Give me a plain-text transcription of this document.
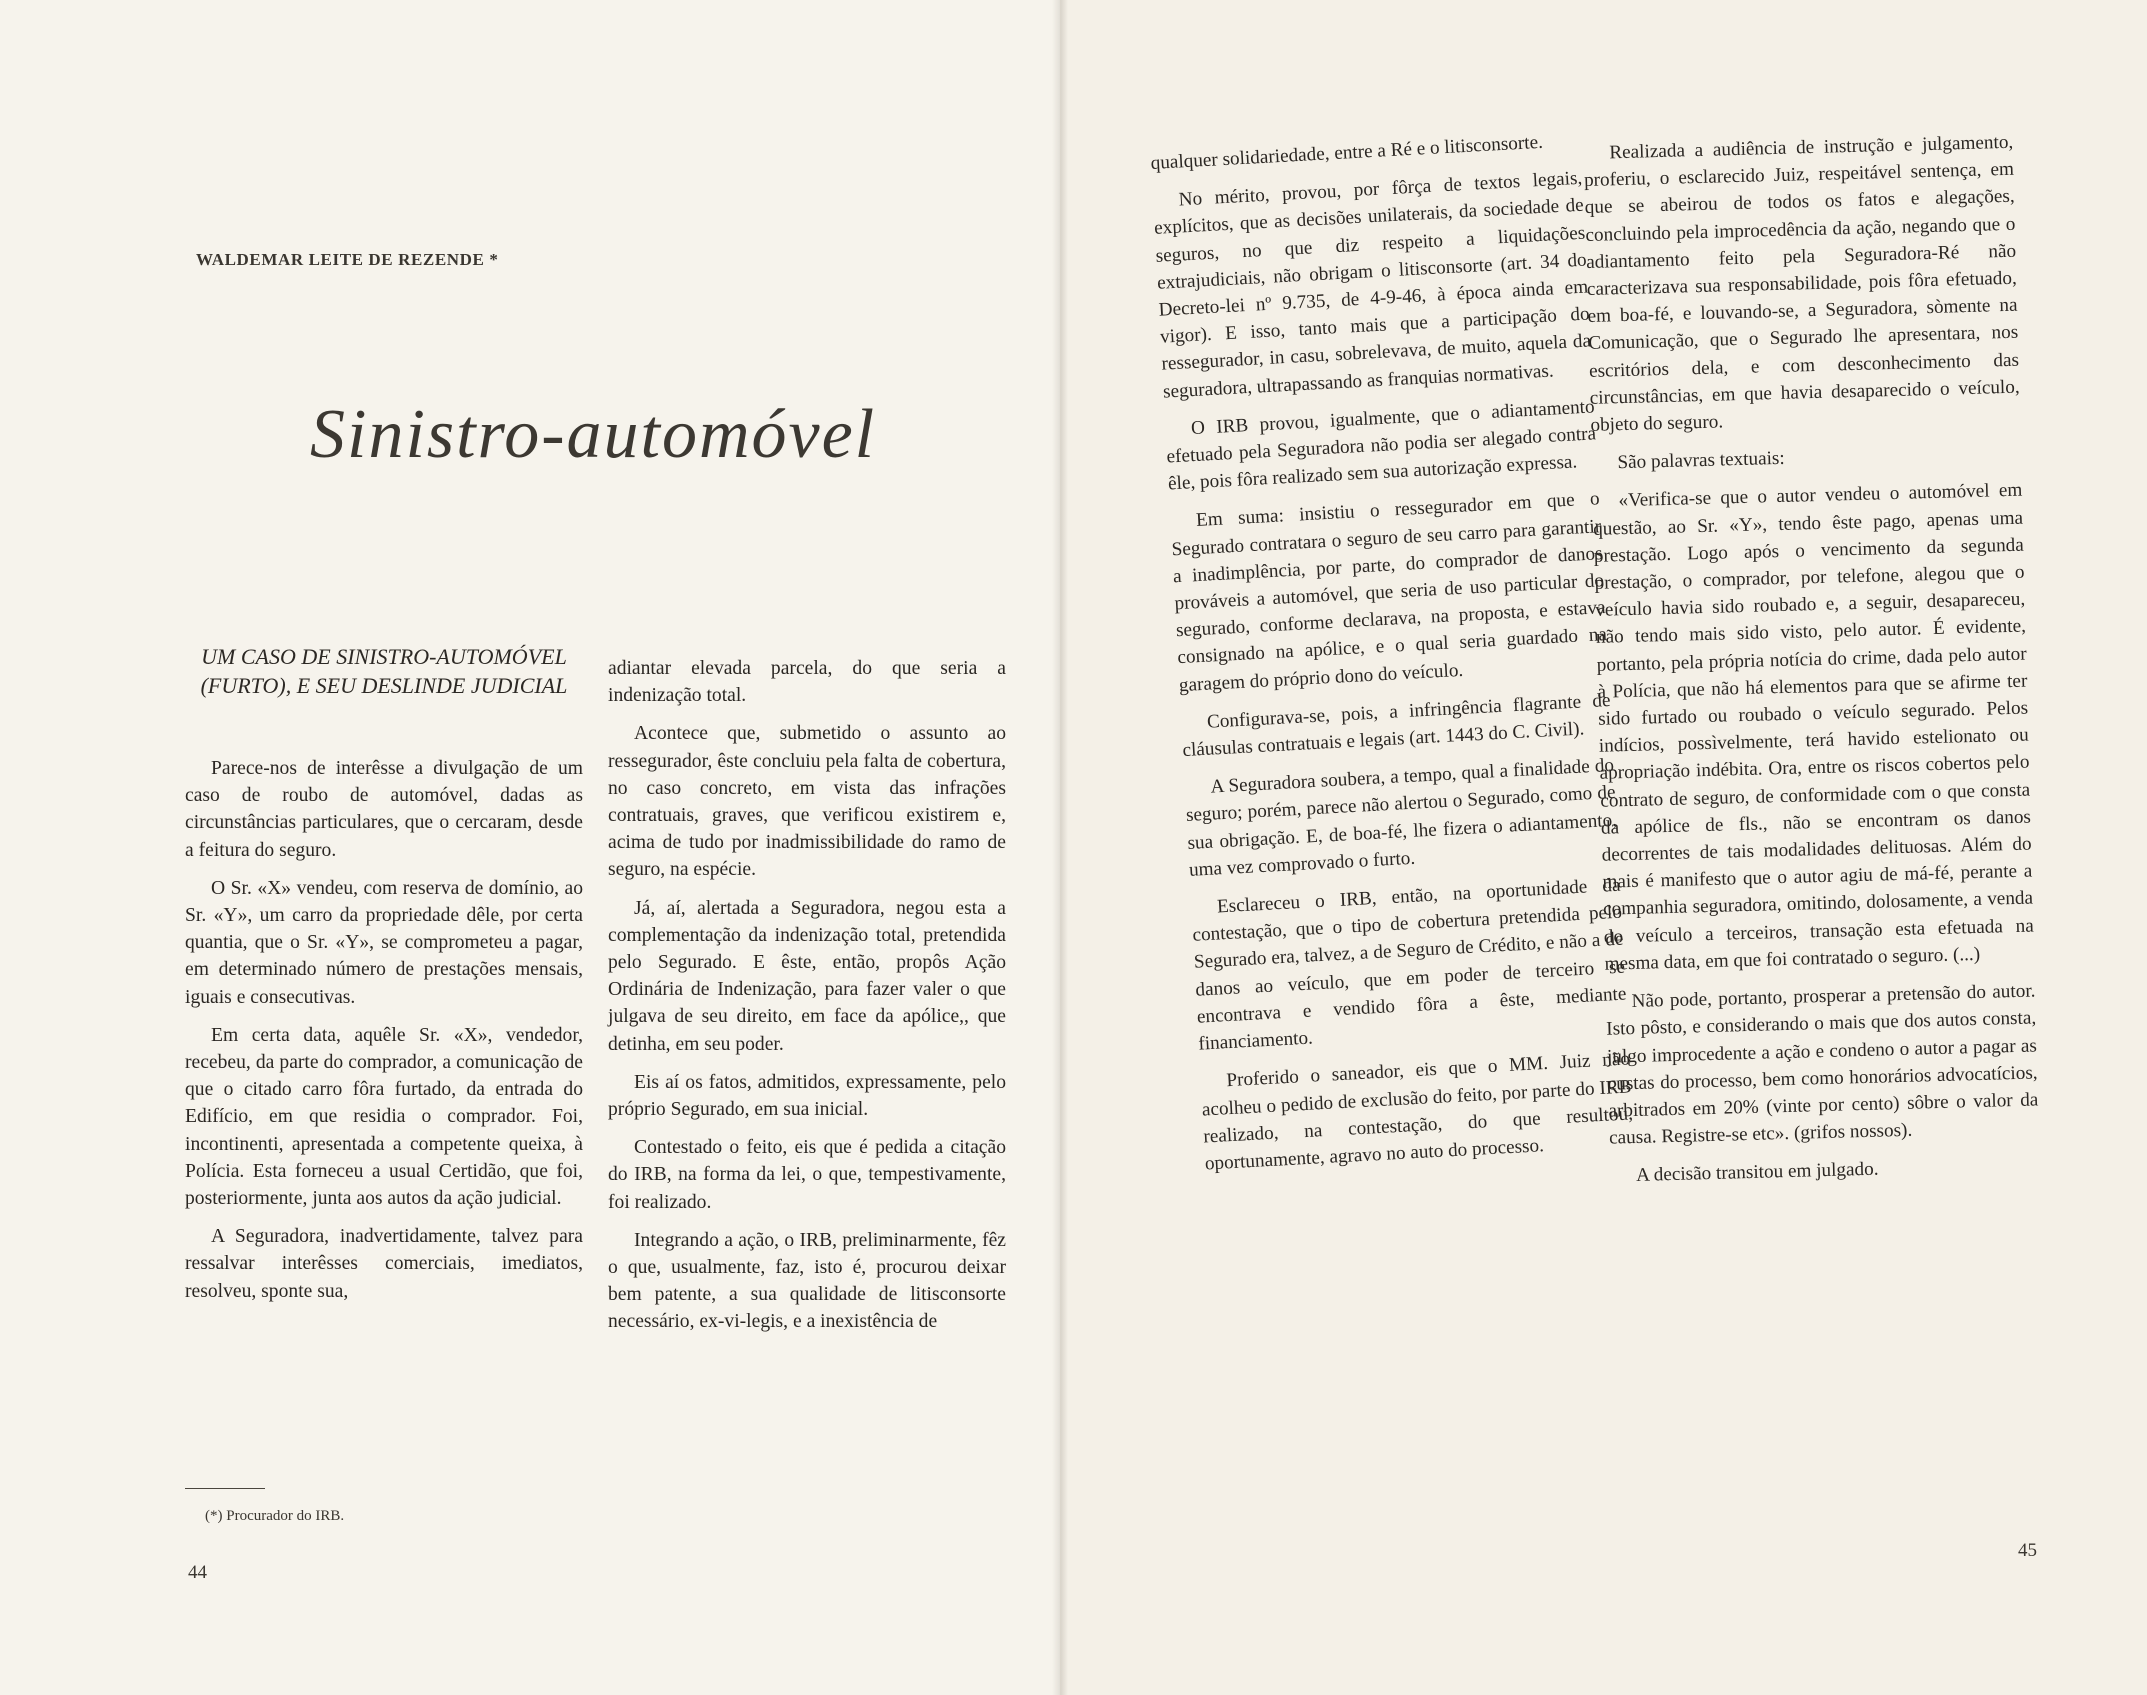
WALDEMAR LEITE DE REZENDE *
Sinistro-automóvel
UM CASO DE SINISTRO-AUTOMÓVEL (FURTO), E SEU DESLINDE JUDICIAL

Parece-nos de interêsse a divulgação de um caso de roubo de automóvel, dadas as circunstâncias particulares, que o cercaram, desde a feitura do seguro.

O Sr. «X» vendeu, com reserva de domínio, ao Sr. «Y», um carro da propriedade dêle, por certa quantia, que o Sr. «Y», se comprometeu a pagar, em determinado número de prestações mensais, iguais e consecutivas.

Em certa data, aquêle Sr. «X», vendedor, recebeu, da parte do comprador, a comunicação de que o citado carro fôra furtado, da entrada do Edifício, em que residia o comprador. Foi, incontinenti, apresentada a competente queixa, à Polícia. Esta forneceu a usual Certidão, que foi, posteriormente, junta aos autos da ação judicial.

A Seguradora, inadvertidamente, talvez para ressalvar interêsses comerciais, imediatos, resolveu, sponte sua,

adiantar elevada parcela, do que seria a indenização total.

Acontece que, submetido o assunto ao ressegurador, êste concluiu pela falta de cobertura, no caso concreto, em vista das infrações contratuais, graves, que verificou existirem e, acima de tudo por inadmissibilidade do ramo de seguro, na espécie.

Já, aí, alertada a Seguradora, negou esta a complementação da indenização total, pretendida pelo Segurado. E êste, então, propôs Ação Ordinária de Indenização, para fazer valer o que julgava de seu direito, em face da apólice,, que detinha, em seu poder.

Eis aí os fatos, admitidos, expressamente, pelo próprio Segurado, em sua inicial.

Contestado o feito, eis que é pedida a citação do IRB, na forma da lei, o que, tempestivamente, foi realizado.

Integrando a ação, o IRB, preliminarmente, fêz o que, usualmente, faz, isto é, procurou deixar bem patente, a sua qualidade de litisconsorte necessário, ex-vi-legis, e a inexistência de

(*) Procurador do IRB.
44

qualquer solidariedade, entre a Ré e o litisconsorte.

No mérito, provou, por fôrça de textos legais, explícitos, que as decisões unilaterais, da sociedade de seguros, no que diz respeito a liquidações extrajudiciais, não obrigam o litisconsorte (art. 34 do Decreto-lei nº 9.735, de 4-9-46, à época ainda em vigor). E isso, tanto mais que a participação do ressegurador, in casu, sobrelevava, de muito, aquela da seguradora, ultrapassando as franquias normativas.

O IRB provou, igualmente, que o adiantamento efetuado pela Seguradora não podia ser alegado contra êle, pois fôra realizado sem sua autorização expressa.

Em suma: insistiu o ressegurador em que o Segurado contratara o seguro de seu carro para garantir a inadimplência, por parte, do comprador de danos prováveis a automóvel, que seria de uso particular do segurado, conforme declarava, na proposta, e estava consignado na apólice, e o qual seria guardado na garagem do próprio dono do veículo.

Configurava-se, pois, a infringência flagrante de cláusulas contratuais e legais (art. 1443 do C. Civil).

A Seguradora soubera, a tempo, qual a finalidade do seguro; porém, parece não alertou o Segurado, como de sua obrigação. E, de boa-fé, lhe fizera o adiantamento, uma vez comprovado o furto.

Esclareceu o IRB, então, na oportunidade da contestação, que o tipo de cobertura pretendida pelo Segurado era, talvez, a de Seguro de Crédito, e não a de danos ao veículo, que em poder de terceiro se encontrava e vendido fôra a êste, mediante financiamento.

Proferido o saneador, eis que o MM. Juiz não acolheu o pedido de exclusão do feito, por parte do IRB realizado, na contestação, do que resultou, oportunamente, agravo no auto do processo.

Realizada a audiência de instrução e julgamento, proferiu, o esclarecido Juiz, respeitável sentença, em que se abeirou de todos os fatos e alegações, concluindo pela improcedência da ação, negando que o adiantamento feito pela Seguradora-Ré não caracterizava sua responsabilidade, pois fôra efetuado, em boa-fé, e louvando-se, a Seguradora, sòmente na Comunicação, que o Segurado lhe apresentara, nos escritórios dela, e com desconhecimento das circunstâncias, em que havia desaparecido o veículo, objeto do seguro.

São palavras textuais:

«Verifica-se que o autor vendeu o automóvel em questão, ao Sr. «Y», tendo êste pago, apenas uma prestação. Logo após o vencimento da segunda prestação, o comprador, por telefone, alegou que o veículo havia sido roubado e, a seguir, desapareceu, não tendo mais sido visto, pelo autor. É evidente, portanto, pela própria notícia do crime, dada pelo autor à Polícia, que não há elementos para que se afirme ter sido furtado ou roubado o veículo segurado. Pelos indícios, possìvelmente, terá havido estelionato ou apropriação indébita. Ora, entre os riscos cobertos pelo contrato de seguro, de conformidade com o que consta da apólice de fls., não se encontram os danos decorrentes de tais modalidades delituosas. Além do mais é manifesto que o autor agiu de má-fé, perante a companhia seguradora, omitindo, dolosamente, a venda do veículo a terceiros, transação esta efetuada na mesma data, em que foi contratado o seguro. (...)

Não pode, portanto, prosperar a pretensão do autor. Isto pôsto, e considerando o mais que dos autos consta, julgo improcedente a ação e condeno o autor a pagar as custas do processo, bem como honorários advocatícios, arbitrados em 20% (vinte por cento) sôbre o valor da causa. Registre-se etc». (grifos nossos).

A decisão transitou em julgado.

45
